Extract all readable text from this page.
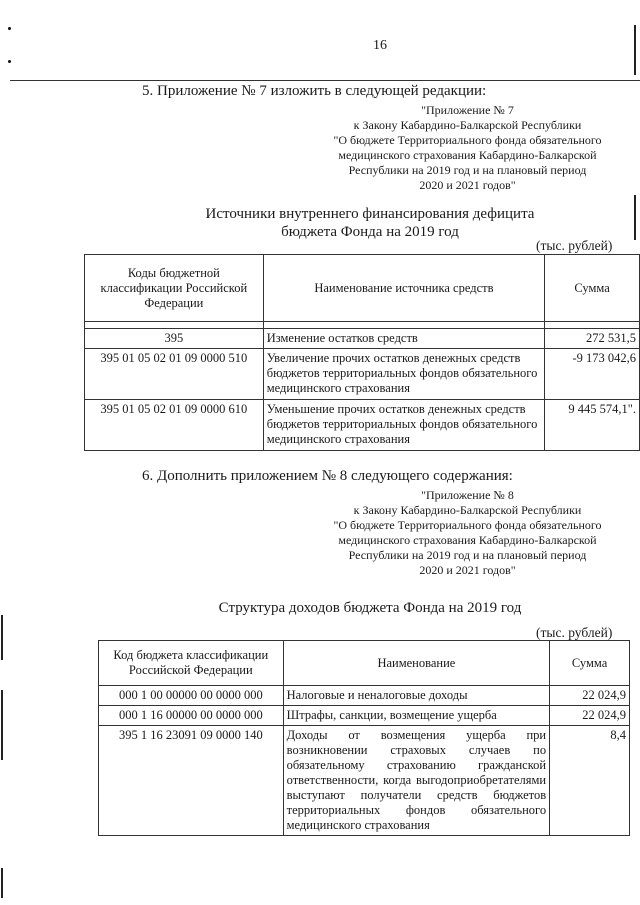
16
5. Приложение № 7 изложить в следующей редакции:
"Приложение № 7
к Закону Кабардино-Балкарской Республики
"О бюджете Территориального фонда обязательного
медицинского страхования Кабардино-Балкарской
Республики на 2019 год и на плановый период
2020 и 2021 годов"
Источники внутреннего финансирования дефицита
бюджета Фонда на 2019 год
(тыс. рублей)
Коды бюджетной классификации Российской Федерации	Наименование источника средств	Сумма

395	Изменение остатков средств	272 531,5
395 01 05 02 01 09 0000 510	Увеличение прочих остатков денежных средств бюджетов территориальных фондов обязательного медицинского страхования	-9 173 042,6
395 01 05 02 01 09 0000 610	Уменьшение прочих остатков денежных средств бюджетов территориальных фондов обязательного медицинского страхования	9 445 574,1".
6. Дополнить приложением № 8 следующего содержания:
"Приложение № 8
к Закону Кабардино-Балкарской Республики
"О бюджете Территориального фонда обязательного
медицинского страхования Кабардино-Балкарской
Республики на 2019 год и на плановый период
2020 и 2021 годов"
Структура доходов бюджета Фонда на 2019 год
(тыс. рублей)
Код бюджета классификации Российской Федерации	Наименование	Сумма
000 1 00 00000 00 0000 000	Налоговые и неналоговые доходы	22 024,9
000 1 16 00000 00 0000 000	Штрафы, санкции, возмещение ущерба	22 024,9
395 1 16 23091 09 0000 140	Доходы от возмещения ущерба при возникновении страховых случаев по обязательному страхованию гражданской ответственности, когда выгодоприобретателями выступают получатели средств бюджетов территориальных фондов обязательного медицинского страхования	8,4
